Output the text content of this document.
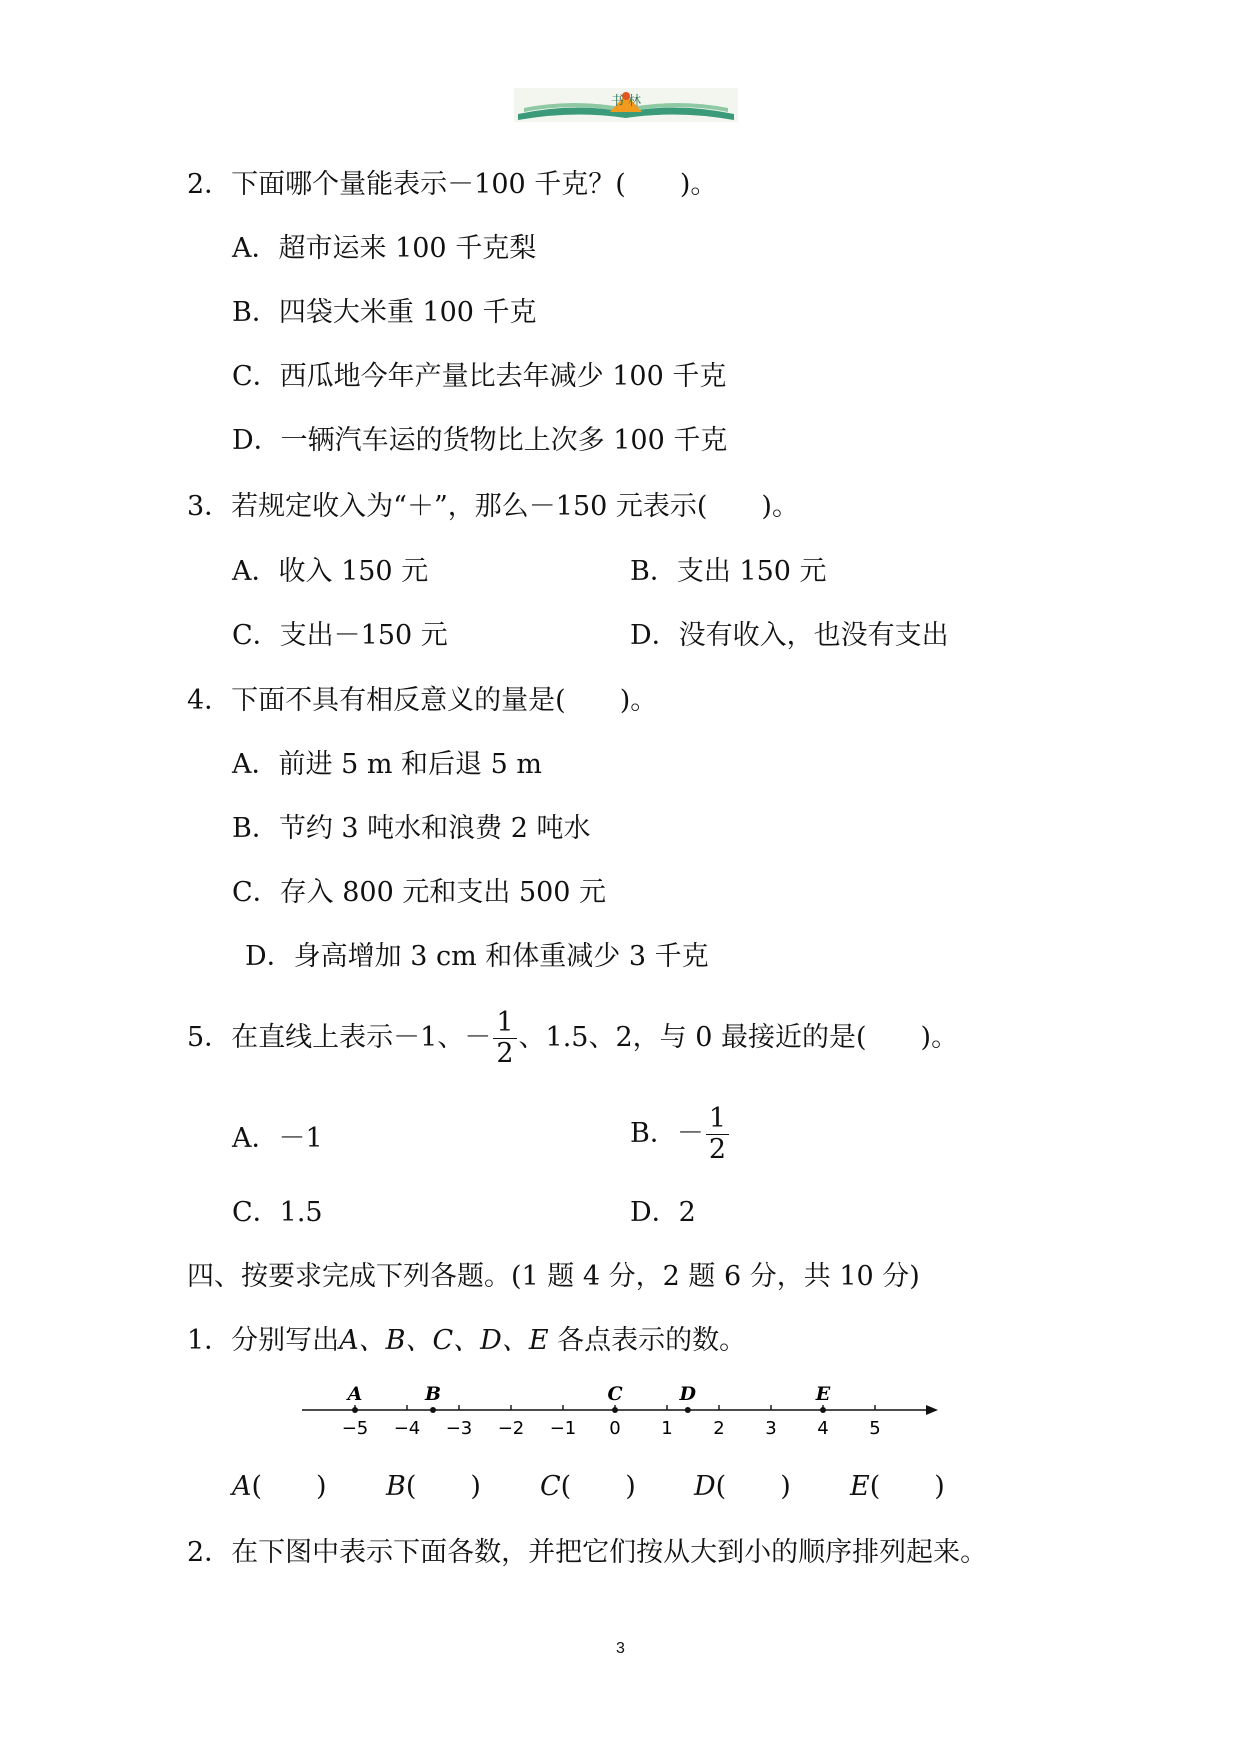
书 林
2．下面哪个量能表示－100 千克？(　　)。
A．超市运来 100 千克梨
B．四袋大米重 100 千克
C．西瓜地今年产量比去年减少 100 千克
D．一辆汽车运的货物比上次多 100 千克
3．若规定收入为“＋”，那么－150 元表示(　　)。
A．收入 150 元	B．支出 150 元
C．支出－150 元	D．没有收入，也没有支出
4．下面不具有相反意义的量是(　　)。
A．前进 5 m 和后退 5 m
B．节约 3 吨水和浪费 2 吨水
C．存入 800 元和支出 500 元
D．身高增加 3 cm 和体重减少 3 千克
5．在直线上表示－1、－ $\frac{1}{2}$ 、1.5、2，与 0 最接近的是(　　)。
A．－1	B．－ $\frac{1}{2}$
C．1.5	D．2
四、按要求完成下列各题。(1 题 4 分，2 题 6 分，共 10 分)
1．分别写出A、B、C、D、E 各点表示的数。
−5 −4 −3 −2 −1 0 1 2 3 4 5
A	B	C	D	E
A(　　) B(　　) C(　　) D(　　) E(　　)
2．在下图中表示下面各数，并把它们按从大到小的顺序排列起来。
3
